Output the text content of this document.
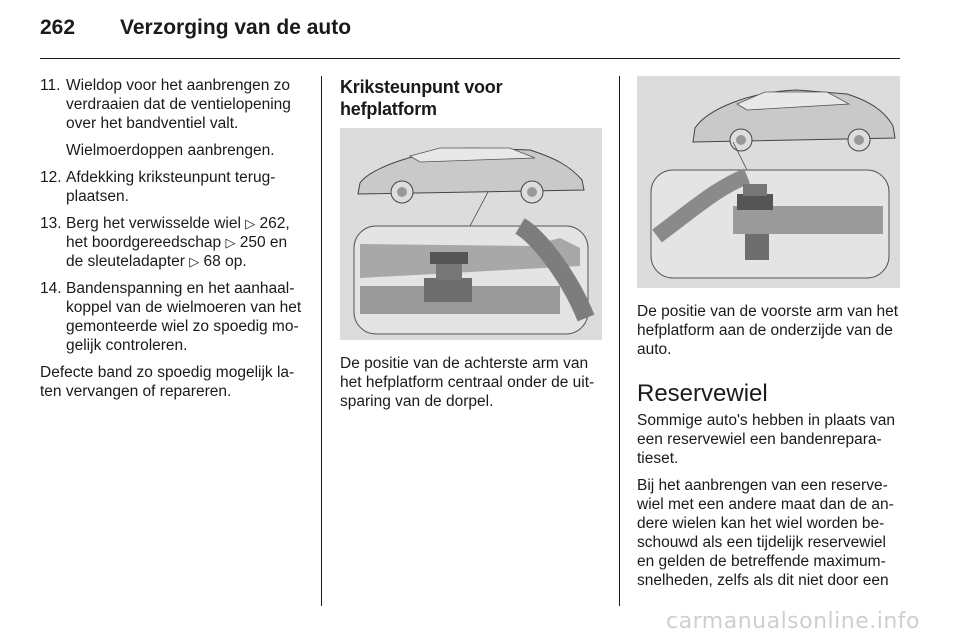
262	Verzorging van de auto
11. Wieldop voor het aanbrengen zo verdraaien dat de ventielopening over het bandventiel valt.

Wielmoerdoppen aanbrengen.

12. Afdekking kriksteunpunt terug-plaatsen.

13. Berg het verwisselde wiel ▷ 262, het boordgereedschap ▷ 250 en de sleuteladapter ▷ 68 op.

14. Bandenspanning en het aanhaal-koppel van de wielmoeren van het gemonteerde wiel zo spoedig mo-gelijk controleren.

Defecte band zo spoedig mogelijk la-ten vervangen of repareren.

Kriksteunpunt voor hefplatform

De positie van de achterste arm van het hefplatform centraal onder de uit-sparing van de dorpel.

De positie van de voorste arm van het hefplatform aan de onderzijde van de auto.

Reservewiel

Sommige auto's hebben in plaats van een reservewiel een bandenrepara-tieset.

Bij het aanbrengen van een reserve-wiel met een andere maat dan de an-dere wielen kan het wiel worden be-schouwd als een tijdelijk reservewiel en gelden de betreffende maximum-snelheden, zelfs als dit niet door een

carmanualsonline.info
